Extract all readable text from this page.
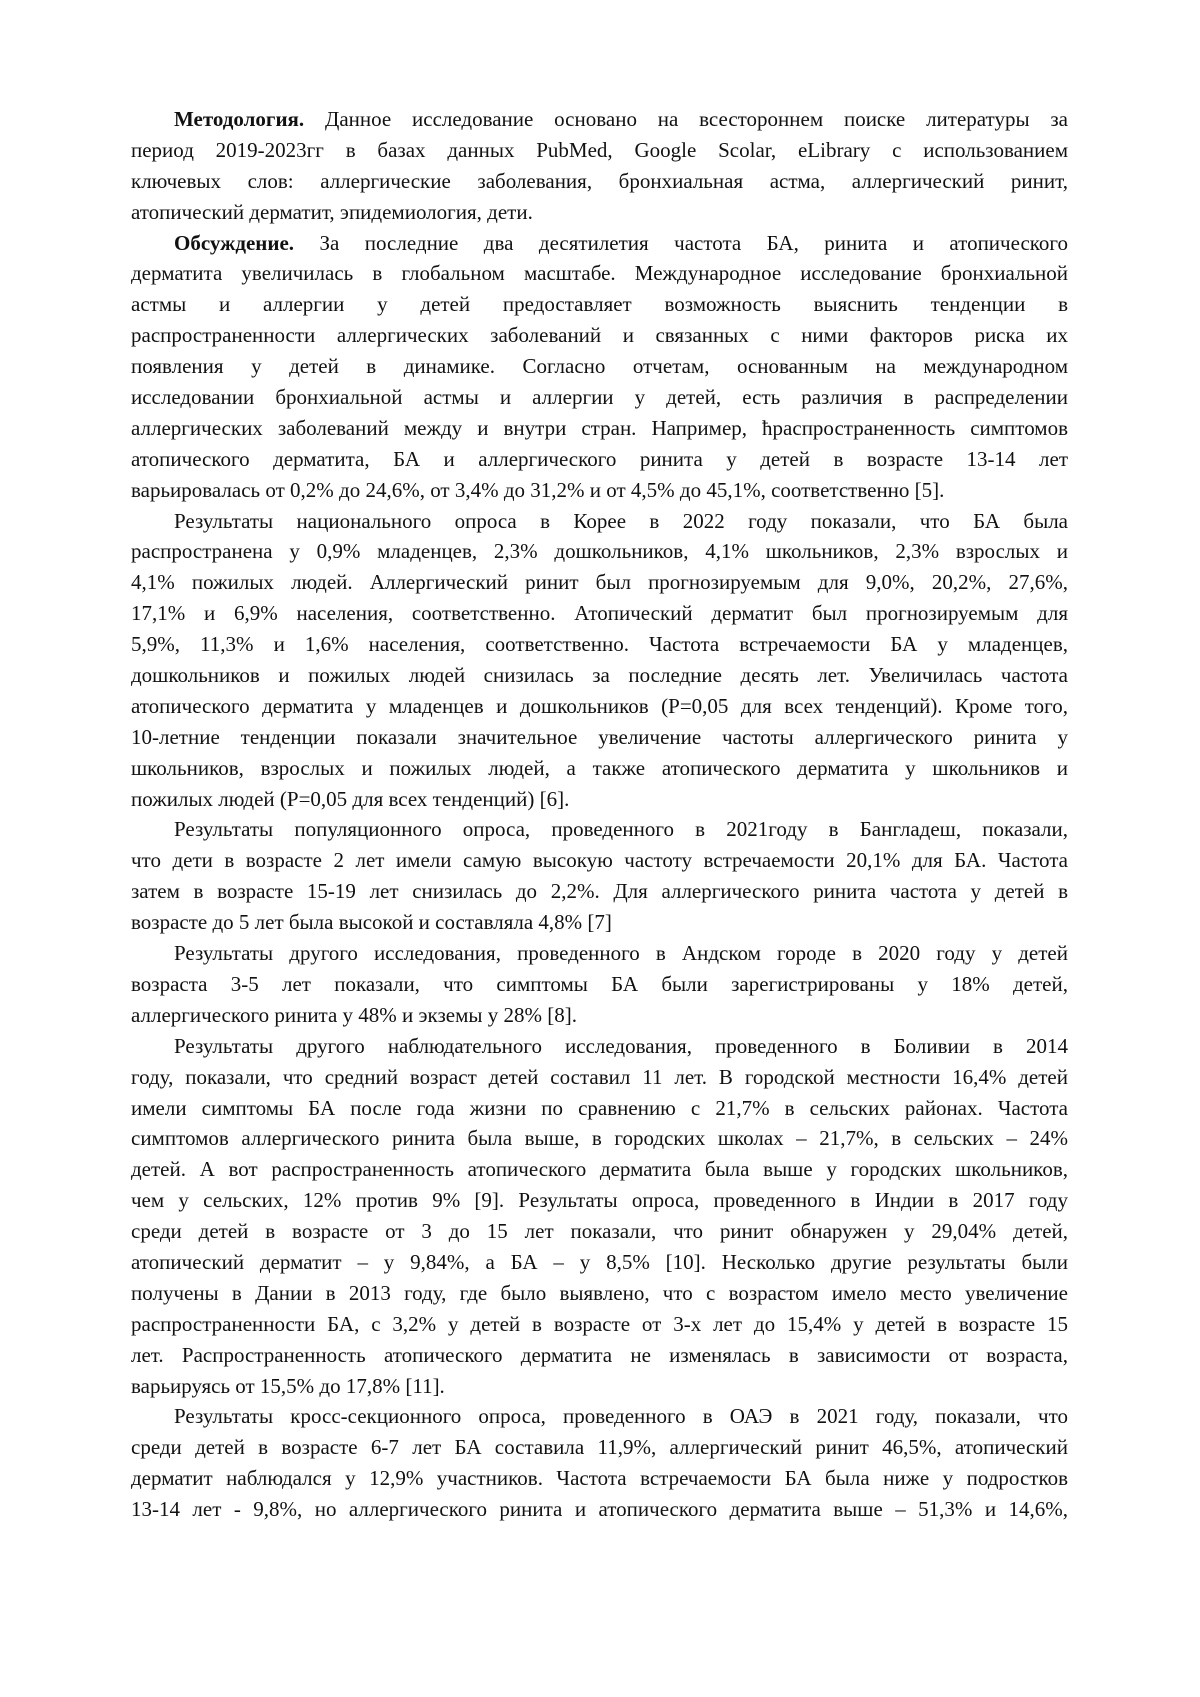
Методология. Данное исследование основано на всестороннем поиске литературы за
период 2019-2023гг в базах данных PubMed, Google Scolar, eLibrary с использованием
ключевых слов: аллергические заболевания, бронхиальная астма, аллергический ринит,
атопический дерматит, эпидемиология, дети.
Обсуждение. За последние два десятилетия частота БА, ринита и атопического
дерматита увеличилась в глобальном масштабе. Международное исследование бронхиальной
астмы и аллергии у детей предоставляет возможность выяснить тенденции в
распространенности аллергических заболеваний и связанных с ними факторов риска их
появления у детей в динамике. Согласно отчетам, основанным на международном
исследовании бронхиальной астмы и аллергии у детей, есть различия в распределении
аллергических заболеваний между и внутри стран. Например, ћраспространенность симптомов
атопического дерматита, БА и аллергического ринита у детей в возрасте 13-14 лет
варьировалась от 0,2% до 24,6%, от 3,4% до 31,2% и от 4,5% до 45,1%, соответственно [5].
Результаты национального опроса в Корее в 2022 году показали, что БА была
распространена у 0,9% младенцев, 2,3% дошкольников, 4,1% школьников, 2,3% взрослых и
4,1% пожилых людей. Аллергический ринит был прогнозируемым для 9,0%, 20,2%, 27,6%,
17,1% и 6,9% населения, соответственно. Атопический дерматит был прогнозируемым для
5,9%, 11,3% и 1,6% населения, соответственно. Частота встречаемости БА у младенцев,
дошкольников и пожилых людей снизилась за последние десять лет. Увеличилась частота
атопического дерматита у младенцев и дошкольников (P=0,05 для всех тенденций). Кроме того,
10-летние тенденции показали значительное увеличение частоты аллергического ринита у
школьников, взрослых и пожилых людей, а также атопического дерматита у школьников и
пожилых людей (P=0,05 для всех тенденций) [6].
Результаты популяционного опроса, проведенного в 2021году в Бангладеш, показали,
что дети в возрасте 2 лет имели самую высокую частоту встречаемости 20,1% для БА. Частота
затем в возрасте 15-19 лет снизилась до 2,2%. Для аллергического ринита частота у детей в
возрасте до 5 лет была высокой и составляла 4,8% [7]
Результаты другого исследования, проведенного в Андском городе в 2020 году у детей
возраста 3-5 лет показали, что симптомы БА были зарегистрированы у 18% детей,
аллергического ринита у 48% и экземы у 28% [8].
Результаты другого наблюдательного исследования, проведенного в Боливии в 2014
году, показали, что средний возраст детей составил 11 лет. В городской местности 16,4% детей
имели симптомы БА после года жизни по сравнению с 21,7% в сельских районах. Частота
симптомов аллергического ринита была выше, в городских школах – 21,7%, в сельских – 24%
детей. А вот распространенность атопического дерматита была выше у городских школьников,
чем у сельских, 12% против 9% [9]. Результаты опроса, проведенного в Индии в 2017 году
среди детей в возрасте от 3 до 15 лет показали, что ринит обнаружен у 29,04% детей,
атопический дерматит – у 9,84%, а БА – у 8,5% [10]. Несколько другие результаты были
получены в Дании в 2013 году, где было выявлено, что с возрастом имело место увеличение
распространенности БА, с 3,2% у детей в возрасте от 3-х лет до 15,4% у детей в возрасте 15
лет. Распространенность атопического дерматита не изменялась в зависимости от возраста,
варьируясь от 15,5% до 17,8% [11].
Результаты кросс-секционного опроса, проведенного в ОАЭ в 2021 году, показали, что
среди детей в возрасте 6-7 лет БА составила 11,9%, аллергический ринит 46,5%, атопический
дерматит наблюдался у 12,9% участников. Частота встречаемости БА была ниже у подростков
13-14 лет - 9,8%, но аллергического ринита и атопического дерматита выше – 51,3% и 14,6%,
